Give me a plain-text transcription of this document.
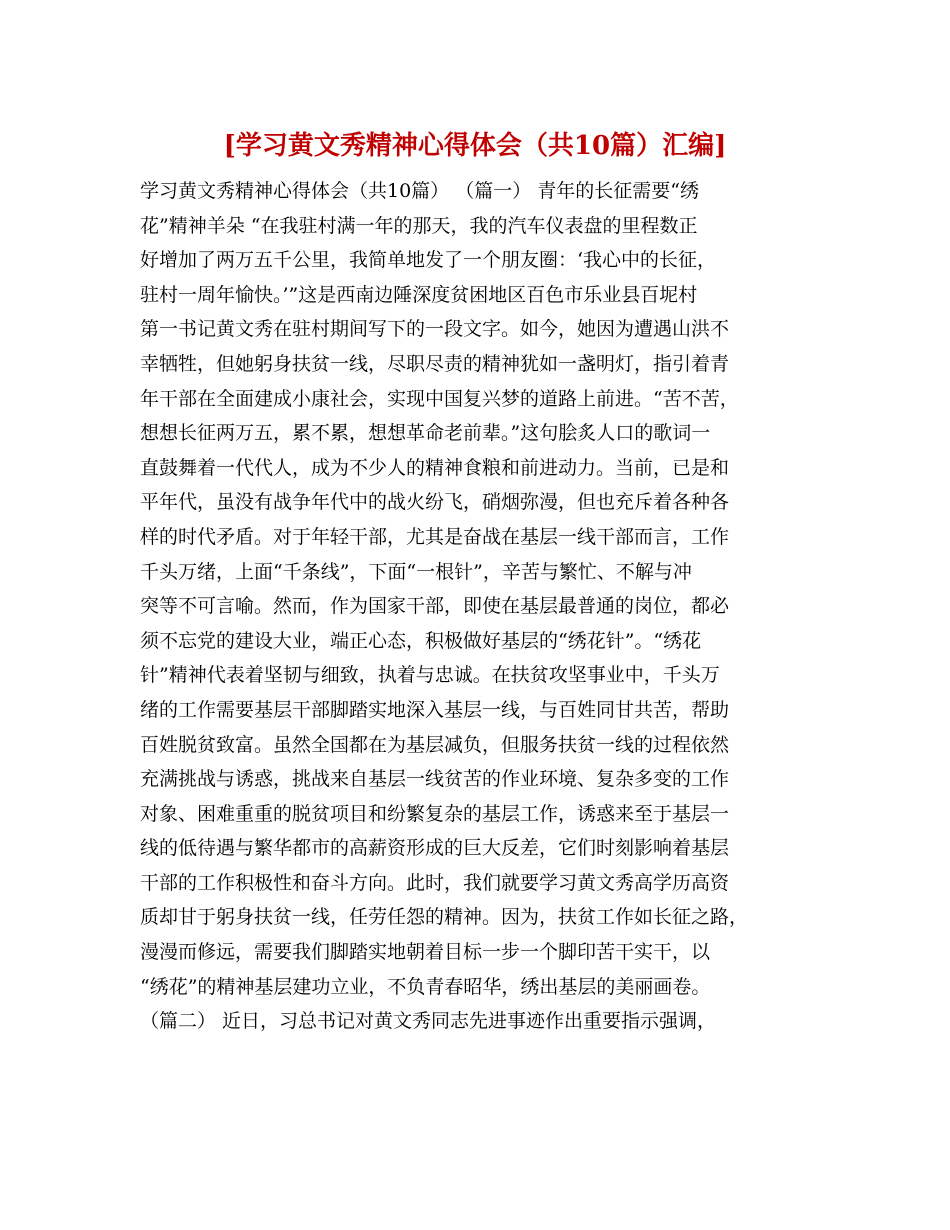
[学习黄文秀精神心得体会（共10篇）汇编]
学习黄文秀精神心得体会（共10篇） （篇一） 青年的长征需要“绣
花”精神羊朵 “在我驻村满一年的那天，我的汽车仪表盘的里程数正
好增加了两万五千公里，我简单地发了一个朋友圈：‘我心中的长征，
驻村一周年愉快。’”这是西南边陲深度贫困地区百色市乐业县百坭村
第一书记黄文秀在驻村期间写下的一段文字。如今，她因为遭遇山洪不
幸牺牲，但她躬身扶贫一线，尽职尽责的精神犹如一盏明灯，指引着青
年干部在全面建成小康社会，实现中国复兴梦的道路上前进。“苦不苦，
想想长征两万五，累不累，想想革命老前辈。”这句脍炙人口的歌词一
直鼓舞着一代代人，成为不少人的精神食粮和前进动力。当前，已是和
平年代，虽没有战争年代中的战火纷飞，硝烟弥漫，但也充斥着各种各
样的时代矛盾。对于年轻干部，尤其是奋战在基层一线干部而言，工作
千头万绪，上面“千条线”，下面“一根针”，辛苦与繁忙、不解与冲
突等不可言喻。然而，作为国家干部，即使在基层最普通的岗位，都必
须不忘党的建设大业，端正心态，积极做好基层的“绣花针”。“绣花
针”精神代表着坚韧与细致，执着与忠诚。在扶贫攻坚事业中，千头万
绪的工作需要基层干部脚踏实地深入基层一线，与百姓同甘共苦，帮助
百姓脱贫致富。虽然全国都在为基层减负，但服务扶贫一线的过程依然
充满挑战与诱惑，挑战来自基层一线贫苦的作业环境、复杂多变的工作
对象、困难重重的脱贫项目和纷繁复杂的基层工作，诱惑来至于基层一
线的低待遇与繁华都市的高薪资形成的巨大反差，它们时刻影响着基层
干部的工作积极性和奋斗方向。此时，我们就要学习黄文秀高学历高资
质却甘于躬身扶贫一线，任劳任怨的精神。因为，扶贫工作如长征之路，
漫漫而修远，需要我们脚踏实地朝着目标一步一个脚印苦干实干，以
“绣花”的精神基层建功立业，不负青春昭华，绣出基层的美丽画卷。
（篇二） 近日，习总书记对黄文秀同志先进事迹作出重要指示强调，
